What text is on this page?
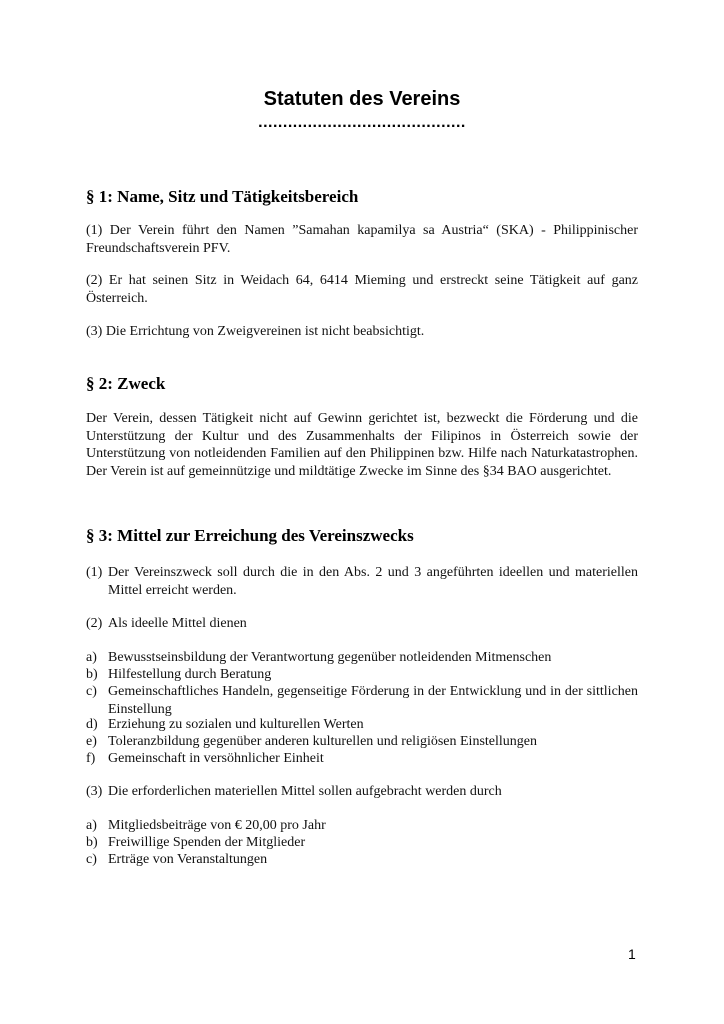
Statuten des Vereins
..........................................
§ 1: Name, Sitz und Tätigkeitsbereich
(1) Der Verein führt den Namen ”Samahan kapamilya sa Austria“ (SKA) - Philippinischer Freundschaftsverein PFV.
(2) Er hat seinen Sitz in Weidach 64, 6414 Mieming und erstreckt seine Tätigkeit auf ganz Österreich.
(3) Die Errichtung von Zweigvereinen ist nicht beabsichtigt.
§ 2: Zweck
Der Verein, dessen Tätigkeit nicht auf Gewinn gerichtet ist, bezweckt die Förderung und die Unterstützung der Kultur und des Zusammenhalts der Filipinos in Österreich sowie der Unterstützung von notleidenden Familien auf den Philippinen bzw. Hilfe nach Naturkatastrophen. Der Verein ist auf gemeinnützige und mildtätige Zwecke im Sinne des §34 BAO ausgerichtet.
§ 3: Mittel zur Erreichung des Vereinszwecks
(1) Der Vereinszweck soll durch die in den Abs. 2 und 3 angeführten ideellen und materiellen Mittel erreicht werden.
(2) Als ideelle Mittel dienen
a) Bewusstseinsbildung der Verantwortung gegenüber notleidenden Mitmenschen
b) Hilfestellung durch Beratung
c) Gemeinschaftliches Handeln, gegenseitige Förderung in der Entwicklung und in der sittlichen Einstellung
d) Erziehung zu sozialen und kulturellen Werten
e) Toleranzbildung gegenüber anderen kulturellen und religiösen Einstellungen
f) Gemeinschaft in versöhnlicher Einheit
(3) Die erforderlichen materiellen Mittel sollen aufgebracht werden durch
a) Mitgliedsbeiträge von € 20,00 pro Jahr
b) Freiwillige Spenden der Mitglieder
c) Erträge von Veranstaltungen
1
